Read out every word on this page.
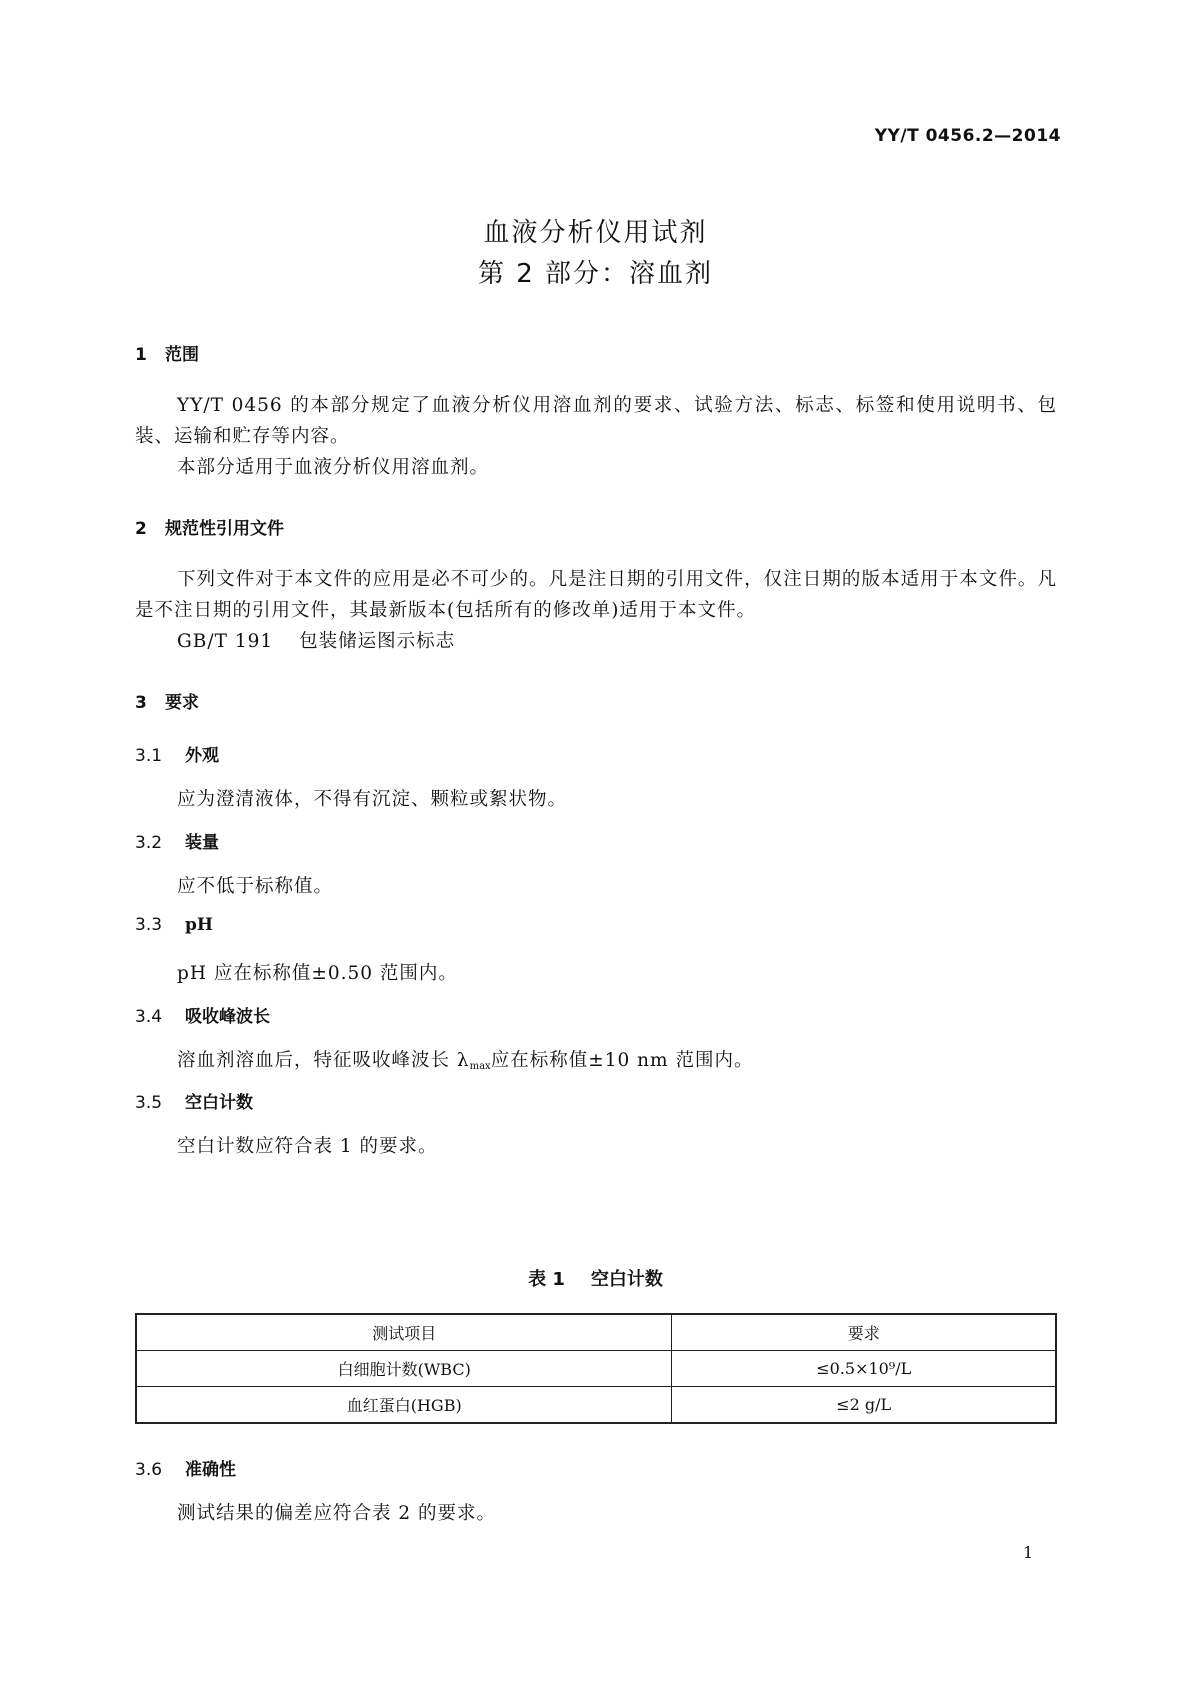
YY/T 0456.2—2014
血液分析仪用试剂
第 2 部分：溶血剂
1 范围
YY/T 0456 的本部分规定了血液分析仪用溶血剂的要求、试验方法、标志、标签和使用说明书、包装、运输和贮存等内容。
本部分适用于血液分析仪用溶血剂。
2 规范性引用文件
下列文件对于本文件的应用是必不可少的。凡是注日期的引用文件，仅注日期的版本适用于本文件。凡是不注日期的引用文件，其最新版本(包括所有的修改单)适用于本文件。
GB/T 191 包装储运图示标志
3 要求
3.1 外观
应为澄清液体，不得有沉淀、颗粒或絮状物。
3.2 装量
应不低于标称值。
3.3 pH
pH 应在标称值±0.50 范围内。
3.4 吸收峰波长
溶血剂溶血后，特征吸收峰波长 $\lambda_{max}$应在标称值±10 nm 范围内。
3.5 空白计数
空白计数应符合表 1 的要求。
表 1 空白计数
测试项目	要求
白细胞计数(WBC)	≤0.5×10⁹/L
血红蛋白(HGB)	≤2 g/L
3.6 准确性
测试结果的偏差应符合表 2 的要求。
1
